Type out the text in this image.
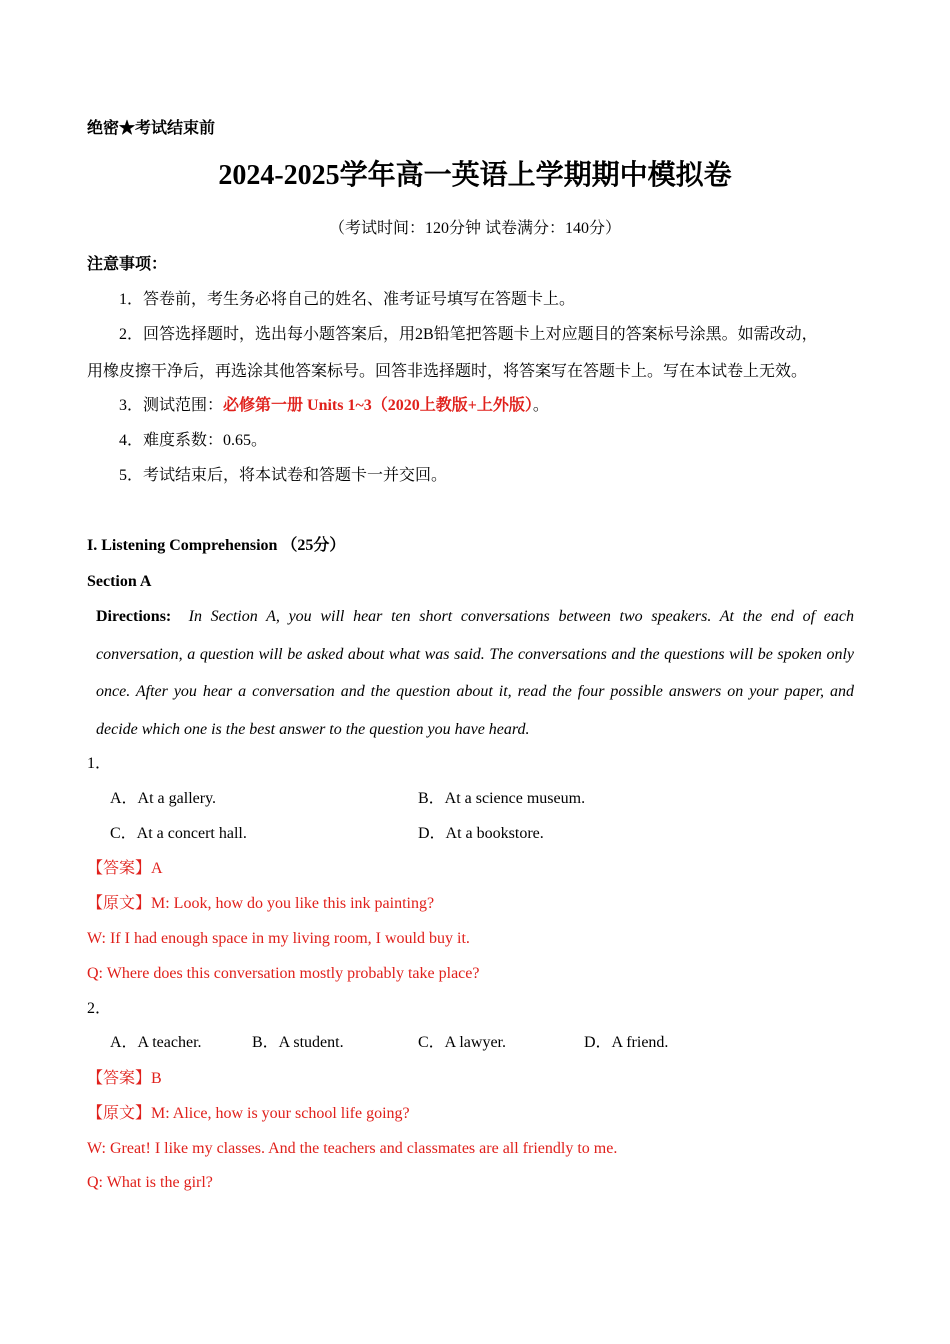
绝密★考试结束前
2024-2025学年高一英语上学期期中模拟卷
（考试时间：120分钟 试卷满分：140分）
注意事项：
1．答卷前，考生务必将自己的姓名、准考证号填写在答题卡上。
2．回答选择题时，选出每小题答案后，用2B铅笔把答题卡上对应题目的答案标号涂黑。如需改动，
用橡皮擦干净后，再选涂其他答案标号。回答非选择题时，将答案写在答题卡上。写在本试卷上无效。
3．测试范围：必修第一册 Units 1~3（2020上教版+上外版）。
4．难度系数：0.65。
5．考试结束后，将本试卷和答题卡一并交回。
I. Listening Comprehension （25分）
Section A
Directions: In Section A, you will hear ten short conversations between two speakers. At the end of each conversation, a question will be asked about what was said. The conversations and the questions will be spoken only once. After you hear a conversation and the question about it, read the four possible answers on your paper, and decide which one is the best answer to the question you have heard.
1．
A．At a gallery.	B．At a science museum.
C．At a concert hall.	D．At a bookstore.
【答案】A
【原文】M: Look, how do you like this ink painting?
W: If I had enough space in my living room, I would buy it.
Q: Where does this conversation mostly probably take place?
2．
A．A teacher.	B．A student.	C．A lawyer.	D．A friend.
【答案】B
【原文】M: Alice, how is your school life going?
W: Great! I like my classes. And the teachers and classmates are all friendly to me.
Q: What is the girl?
